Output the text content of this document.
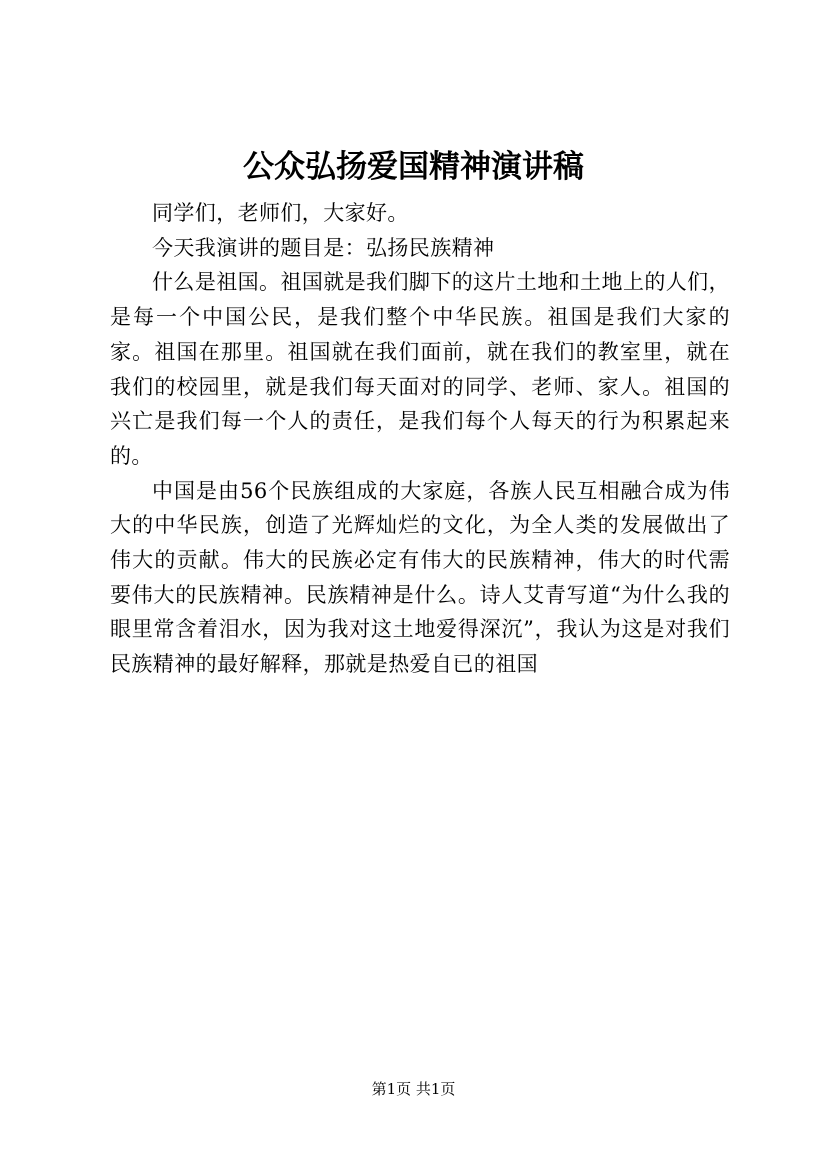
公众弘扬爱国精神演讲稿

同学们，老师们，大家好。

今天我演讲的题目是：弘扬民族精神

什么是祖国。祖国就是我们脚下的这片土地和土地上的人们，是每一个中国公民，是我们整个中华民族。祖国是我们大家的家。祖国在那里。祖国就在我们面前，就在我们的教室里，就在我们的校园里，就是我们每天面对的同学、老师、家人。祖国的兴亡是我们每一个人的责任，是我们每个人每天的行为积累起来的。

中国是由56个民族组成的大家庭，各族人民互相融合成为伟大的中华民族，创造了光辉灿烂的文化，为全人类的发展做出了伟大的贡献。伟大的民族必定有伟大的民族精神，伟大的时代需要伟大的民族精神。民族精神是什么。诗人艾青写道“为什么我的眼里常含着泪水，因为我对这土地爱得深沉”，我认为这是对我们民族精神的最好解释，那就是热爱自已的祖国

第1页 共1页
